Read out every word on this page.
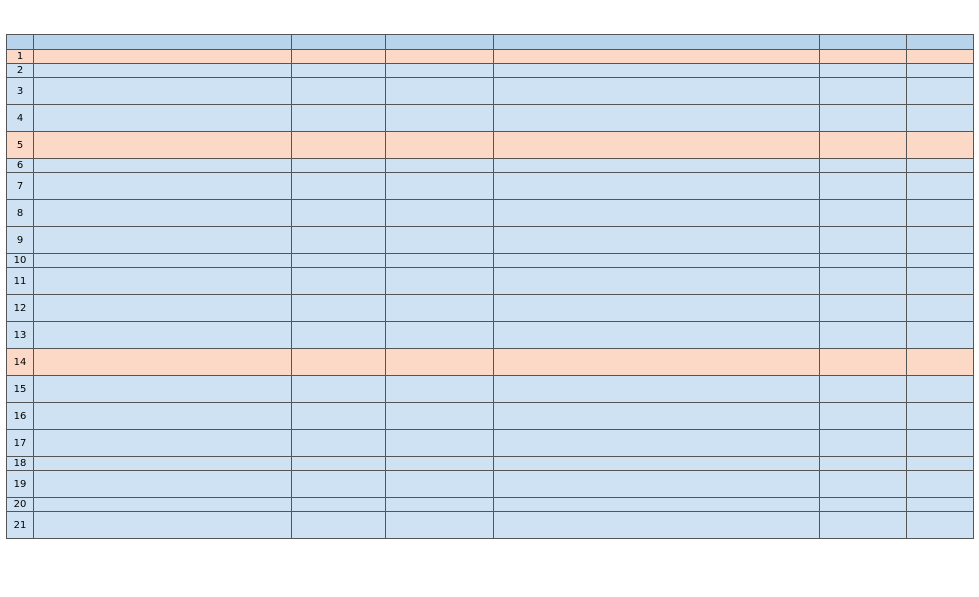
1						
2						
3						
4						
5						
6						
7						
8						
9						
10						
11						
12						
13						
14						
15						
16						
17						
18						
19						
20						
21						
